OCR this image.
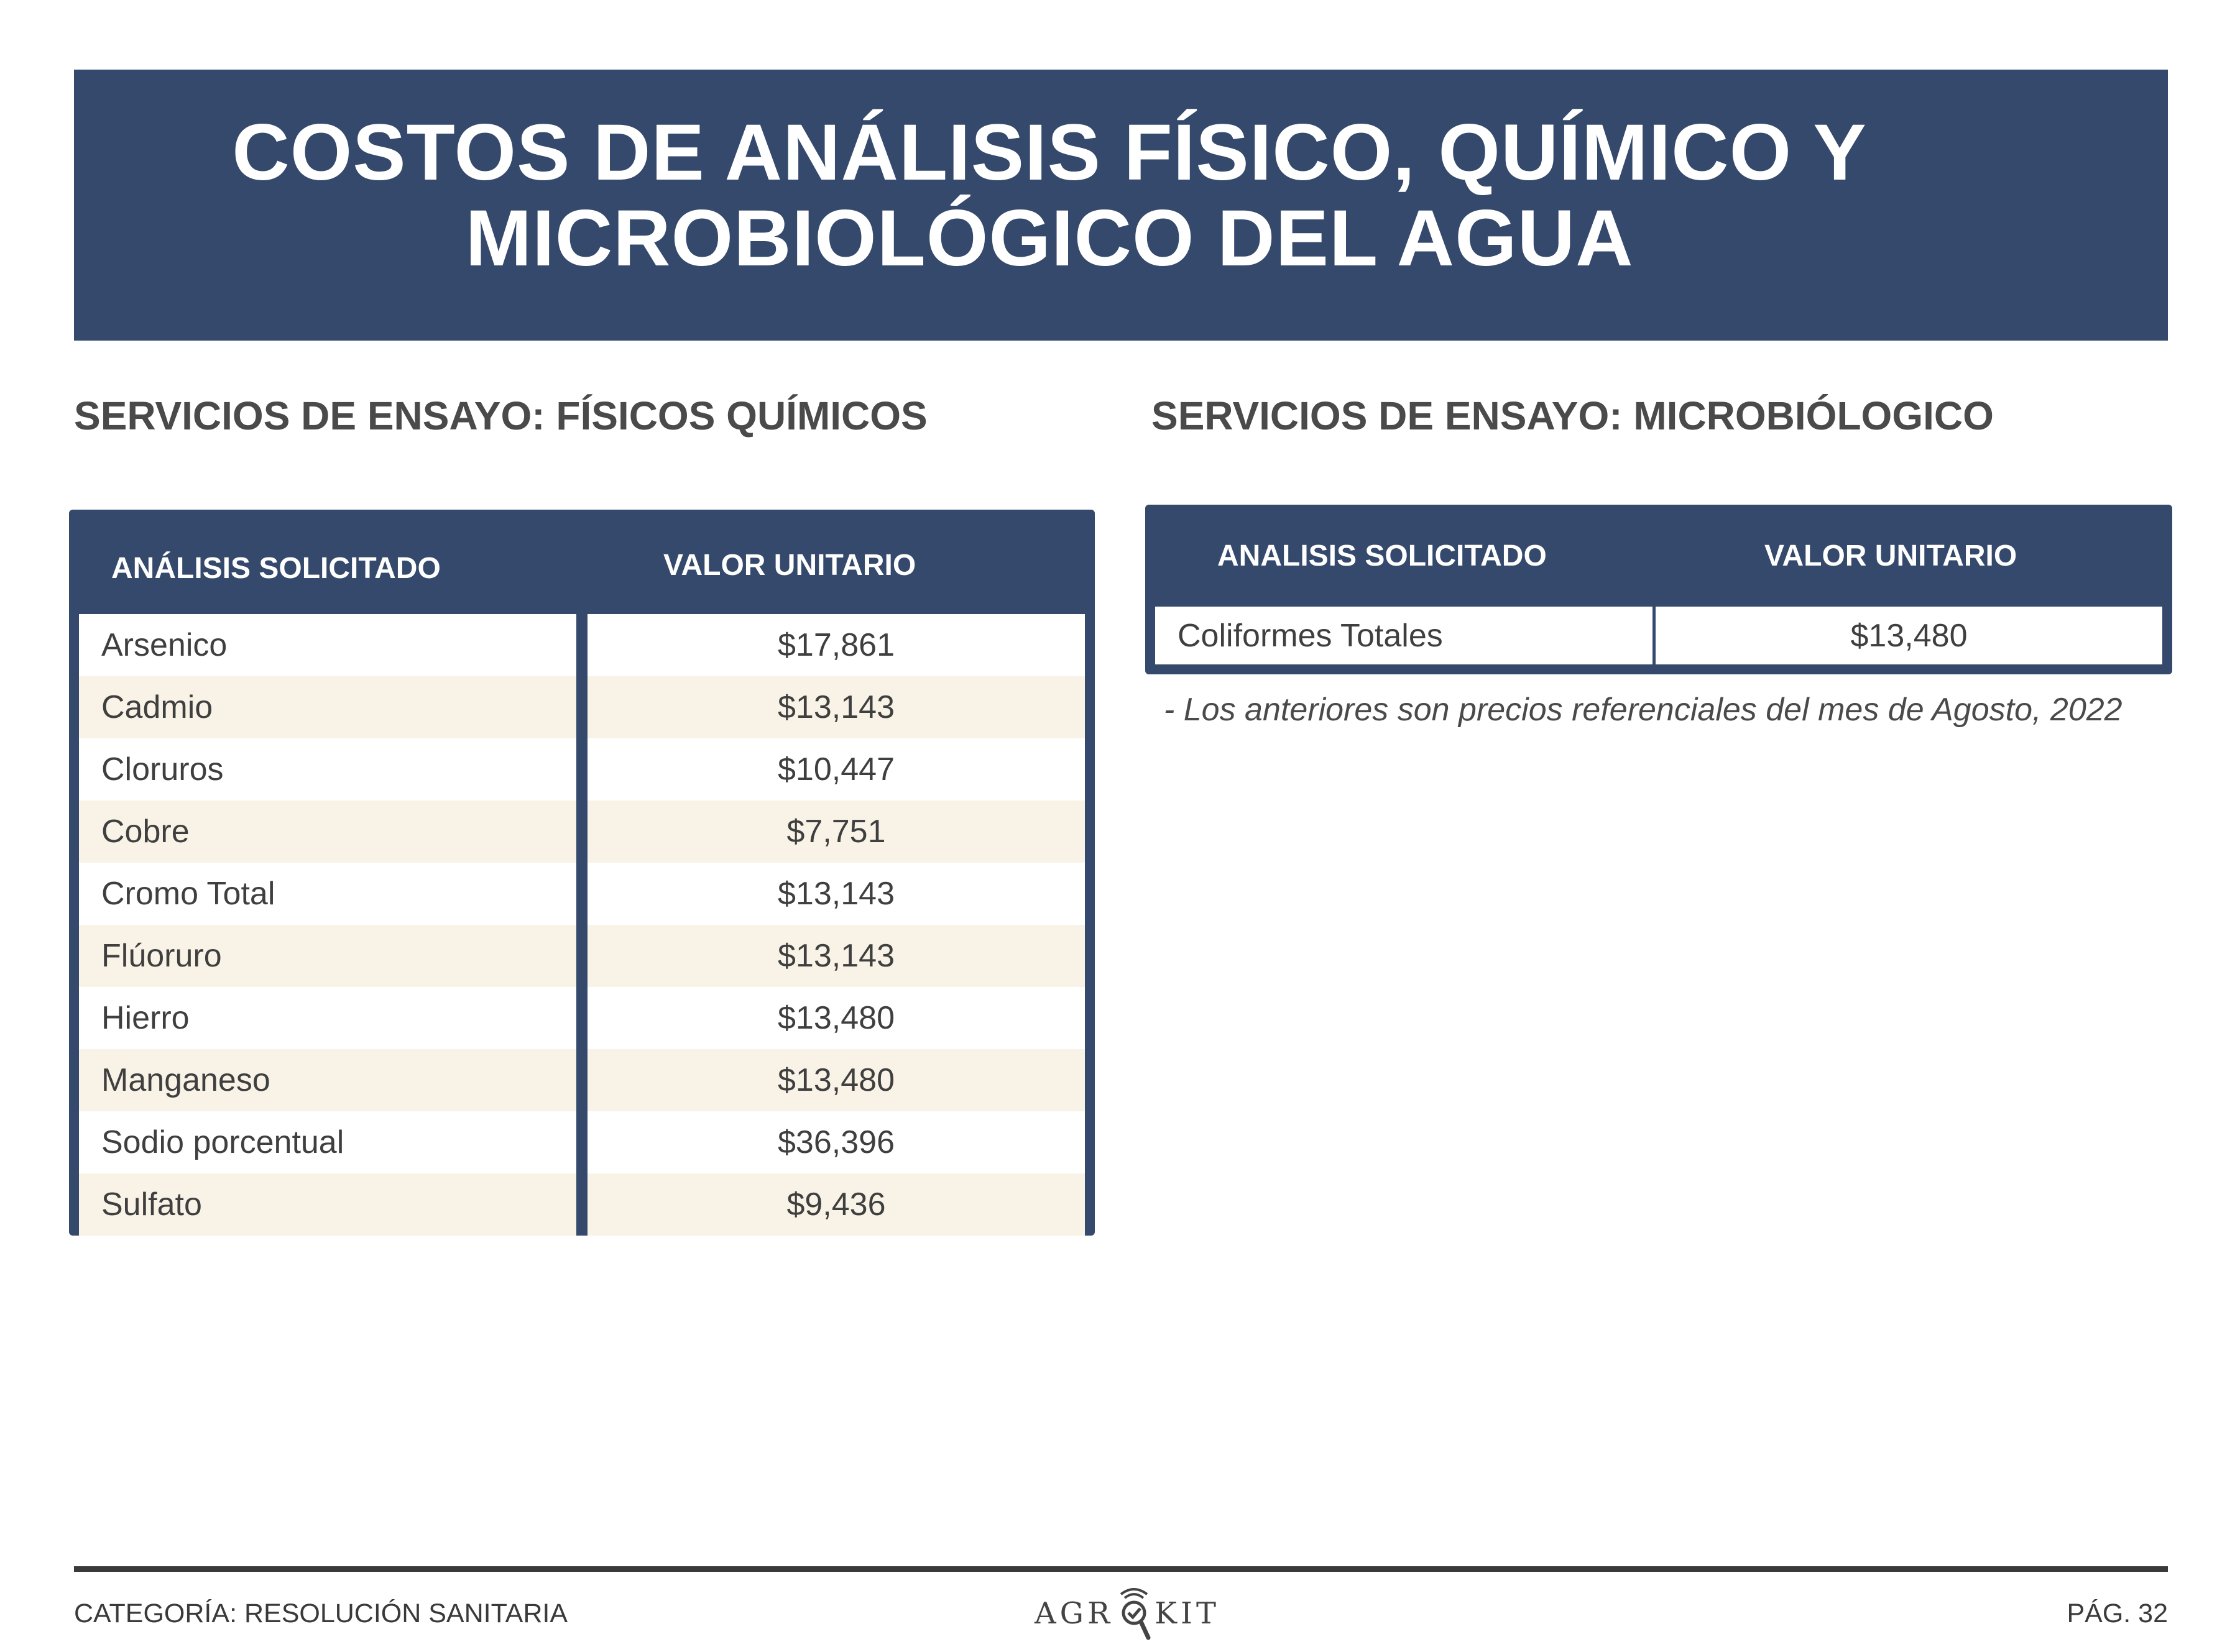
COSTOS DE ANÁLISIS FÍSICO, QUÍMICO Y
MICROBIOLÓGICO DEL AGUA
SERVICIOS DE ENSAYO: FÍSICOS QUÍMICOS	SERVICIOS DE ENSAYO: MICROBIÓLOGICO
ANÁLISIS SOLICITADO	VALOR UNITARIO
Arsenico	$17,861
Cadmio	$13,143
Cloruros	$10,447
Cobre	$7,751
Cromo Total	$13,143
Flúoruro	$13,143
Hierro	$13,480
Manganeso	$13,480
Sodio porcentual	$36,396
Sulfato	$9,436
ANALISIS SOLICITADO	VALOR UNITARIO
Coliformes Totales	$13,480
- Los anteriores son precios referenciales del mes de Agosto, 2022
CATEGORÍA: RESOLUCIÓN SANITARIA	AGR KIT	PÁG. 32
